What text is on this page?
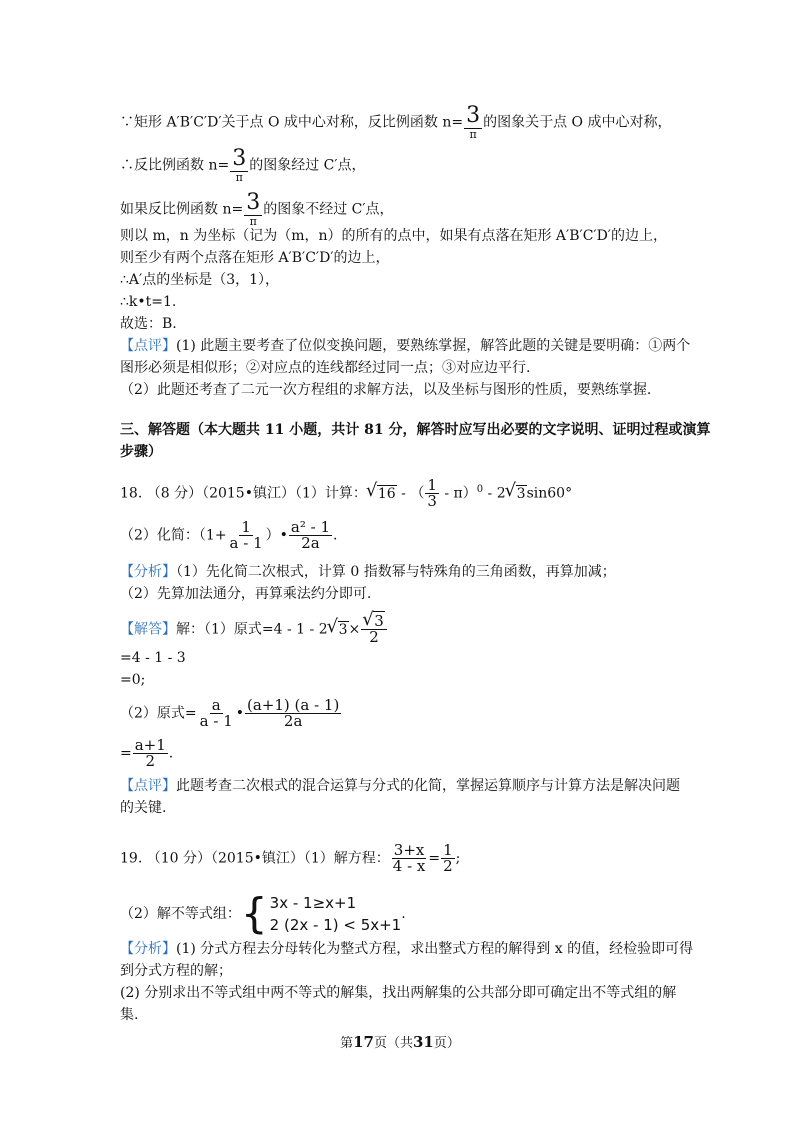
∵矩形 A′B′C′D′关于点 O 成中心对称，反比例函数 $n= \frac{3}{\pi}$ 的图象关于点 O 成中心对称，
∴反比例函数 $n= \frac{3}{\pi}$ 的图象经过 C′点，
如果反比例函数 $n= \frac{3}{\pi}$ 的图象不经过 C′点，
则以 m，n 为坐标（记为（m，n）的所有的点中，如果有点落在矩形 A′B′C′D′的边上，
则至少有两个点落在矩形 A′B′C′D′的边上，
∴A′点的坐标是（3，1），
∴k•t=1.
故选：B.
【点评】(1) 此题主要考查了位似变换问题，要熟练掌握，解答此题的关键是要明确：①两个
图形必须是相似形；②对应点的连线都经过同一点；③对应边平行.
（2）此题还考查了二元一次方程组的求解方法，以及坐标与图形的性质，要熟练掌握.
三、解答题（本大题共 11 小题，共计 81 分，解答时应写出必要的文字说明、证明过程或演算
步骤）
18. （8 分）（2015•镇江）（1）计算：√ 16 - （ $\frac{1}{3} - \pi)^0 - 2√$ 3sin60°
（2）化简：（$1+ \frac{1}{a - 1}$ ）• $\frac{\text{a² - 1}}{2a}$ .
【分析】（1）先化简二次根式，计算 0 指数幂与特殊角的三角函数，再算加减；
（2）先算加法通分，再算乘法约分即可.
【解答】解：（1）原式=4 - 1 - 2√ 3×
√ $\frac{3}{2}$
=4 - 1 - 3
=0;
（2）原式= $\frac{a}{a - 1}$ • $\frac{(a+1) (a - 1)}{2a}$
= $\frac{a+1}{2}$ .
【点评】此题考查二次根式的混合运算与分式的化简，掌握运算顺序与计算方法是解决问题
的关键.
19. （10 分）（2015•镇江）（1）解方程： $\frac{3+x}{4 - x} = \frac{1}{2}$ ;
（2）解不等式组： { 3x - 1≥x+1
2 (2x - 1) < 5x+1
.
【分析】(1) 分式方程去分母转化为整式方程，求出整式方程的解得到 x 的值，经检验即可得
到分式方程的解；
(2) 分别求出不等式组中两不等式的解集，找出两解集的公共部分即可确定出不等式组的解
集.
第17页（共31页）
